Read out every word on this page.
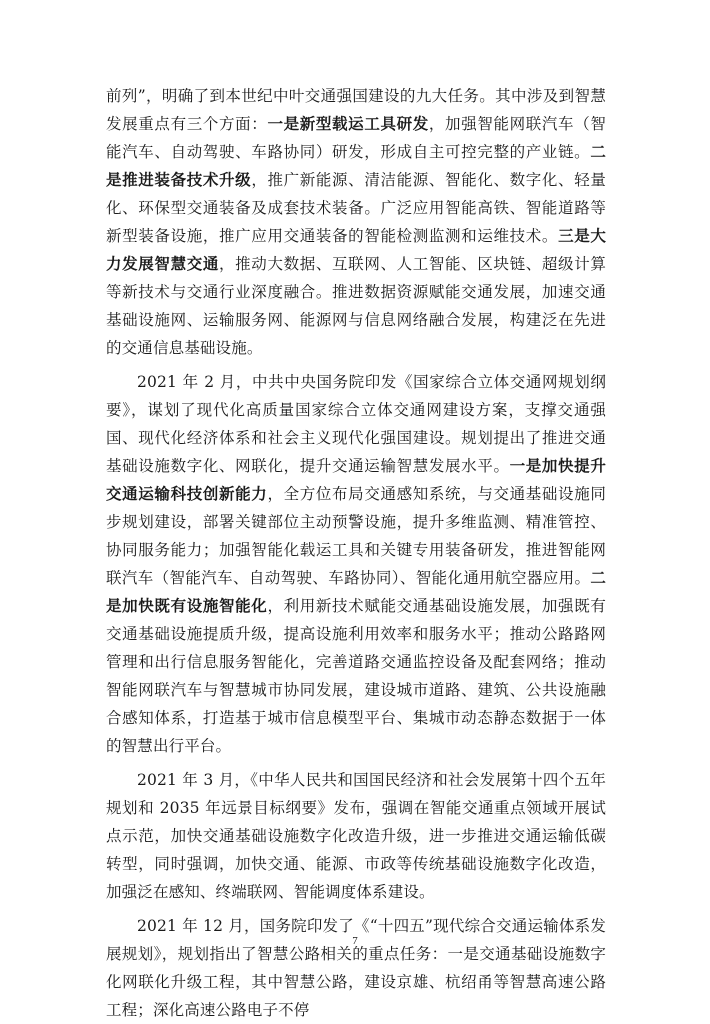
前列”，明确了到本世纪中叶交通强国建设的九大任务。其中涉及到智慧发展重点有三个方面：一是新型载运工具研发，加强智能网联汽车（智能汽车、自动驾驶、车路协同）研发，形成自主可控完整的产业链。二是推进装备技术升级，推广新能源、清洁能源、智能化、数字化、轻量化、环保型交通装备及成套技术装备。广泛应用智能高铁、智能道路等新型装备设施，推广应用交通装备的智能检测监测和运维技术。三是大力发展智慧交通，推动大数据、互联网、人工智能、区块链、超级计算等新技术与交通行业深度融合。推进数据资源赋能交通发展，加速交通基础设施网、运输服务网、能源网与信息网络融合发展，构建泛在先进的交通信息基础设施。

2021 年 2 月，中共中央国务院印发《国家综合立体交通网规划纲要》，谋划了现代化高质量国家综合立体交通网建设方案，支撑交通强国、现代化经济体系和社会主义现代化强国建设。规划提出了推进交通基础设施数字化、网联化，提升交通运输智慧发展水平。一是加快提升交通运输科技创新能力，全方位布局交通感知系统，与交通基础设施同步规划建设，部署关键部位主动预警设施，提升多维监测、精准管控、协同服务能力；加强智能化载运工具和关键专用装备研发，推进智能网联汽车（智能汽车、自动驾驶、车路协同）、智能化通用航空器应用。二是加快既有设施智能化，利用新技术赋能交通基础设施发展，加强既有交通基础设施提质升级，提高设施利用效率和服务水平；推动公路路网管理和出行信息服务智能化，完善道路交通监控设备及配套网络；推动智能网联汽车与智慧城市协同发展，建设城市道路、建筑、公共设施融合感知体系，打造基于城市信息模型平台、集城市动态静态数据于一体的智慧出行平台。

2021 年 3 月，《中华人民共和国国民经济和社会发展第十四个五年规划和 2035 年远景目标纲要》发布，强调在智能交通重点领域开展试点示范，加快交通基础设施数字化改造升级，进一步推进交通运输低碳转型，同时强调，加快交通、能源、市政等传统基础设施数字化改造，加强泛在感知、终端联网、智能调度体系建设。

2021 年 12 月，国务院印发了《“十四五”现代综合交通运输体系发展规划》，规划指出了智慧公路相关的重点任务：一是交通基础设施数字化网联化升级工程，其中智慧公路，建设京雄、杭绍甬等智慧高速公路工程；深化高速公路电子不停

7
